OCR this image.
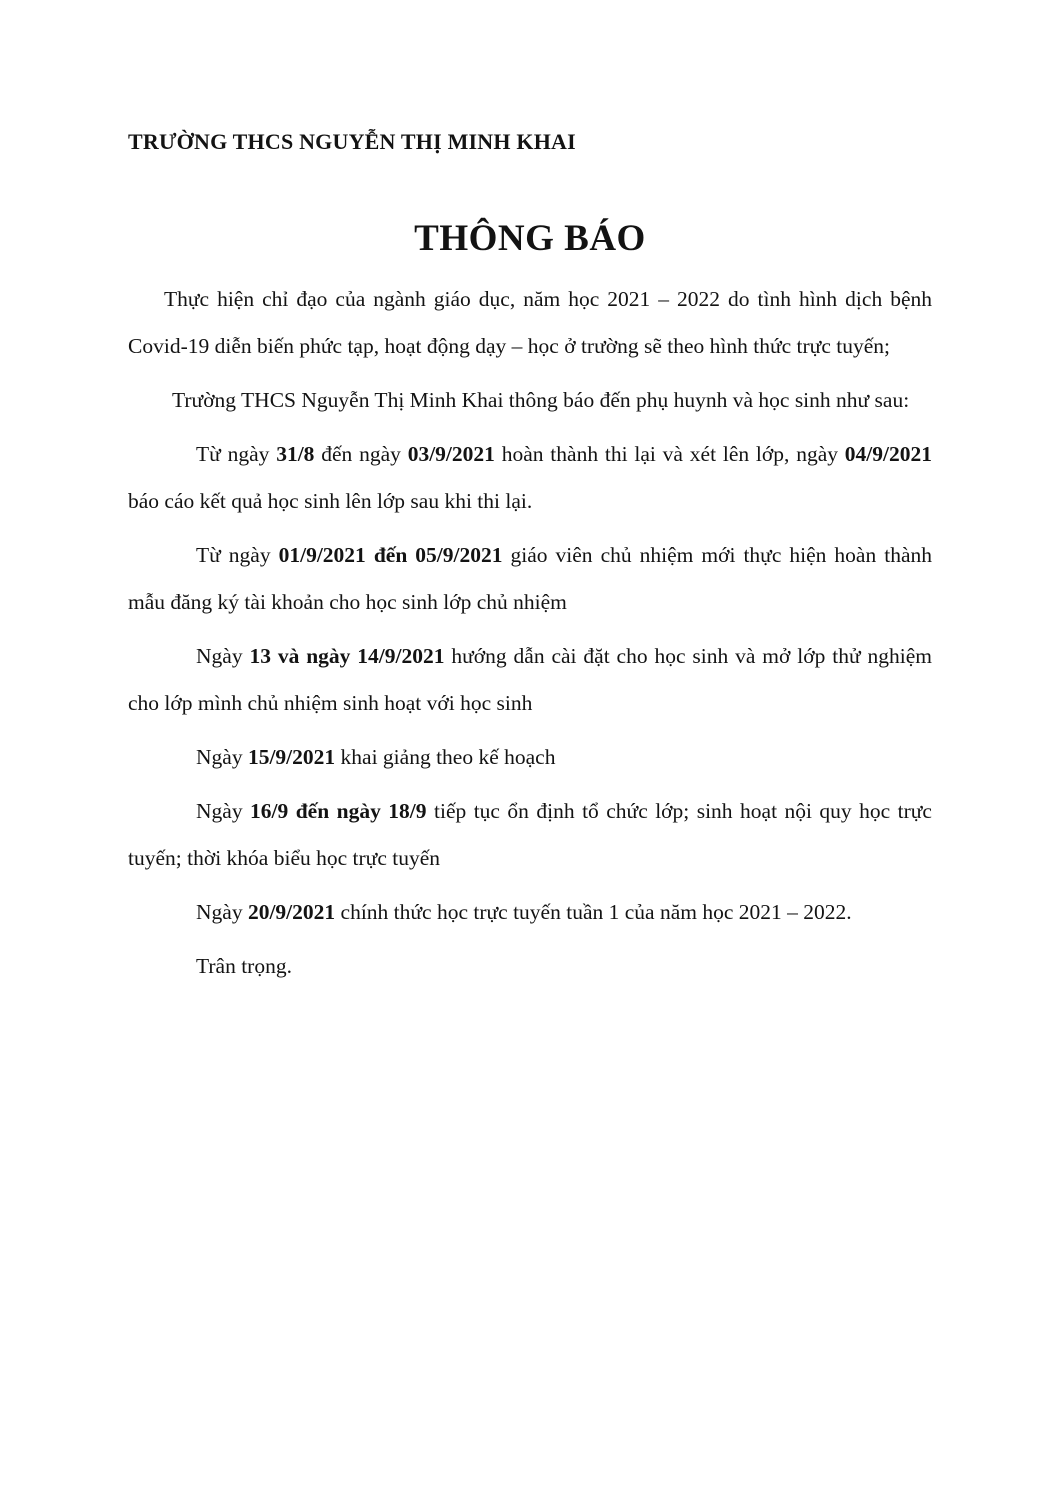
TRƯỜNG THCS NGUYỄN THỊ MINH KHAI

THÔNG BÁO

Thực hiện chỉ đạo của ngành giáo dục, năm học 2021 – 2022 do tình hình dịch bệnh Covid-19 diễn biến phức tạp, hoạt động dạy – học ở trường sẽ theo hình thức trực tuyến;

Trường THCS Nguyễn Thị Minh Khai thông báo đến phụ huynh và học sinh như sau:

Từ ngày 31/8 đến ngày 03/9/2021 hoàn thành thi lại và xét lên lớp, ngày 04/9/2021 báo cáo kết quả học sinh lên lớp sau khi thi lại.

Từ ngày 01/9/2021 đến 05/9/2021 giáo viên chủ nhiệm mới thực hiện hoàn thành mẫu đăng ký tài khoản cho học sinh lớp chủ nhiệm

Ngày 13 và ngày 14/9/2021 hướng dẫn cài đặt cho học sinh và mở lớp thử nghiệm cho lớp mình chủ nhiệm sinh hoạt với học sinh

Ngày 15/9/2021 khai giảng theo kế hoạch

Ngày 16/9 đến ngày 18/9 tiếp tục ổn định tổ chức lớp; sinh hoạt nội quy học trực tuyến; thời khóa biểu học trực tuyến

Ngày 20/9/2021 chính thức học trực tuyến tuần 1 của năm học 2021 – 2022.

Trân trọng.
